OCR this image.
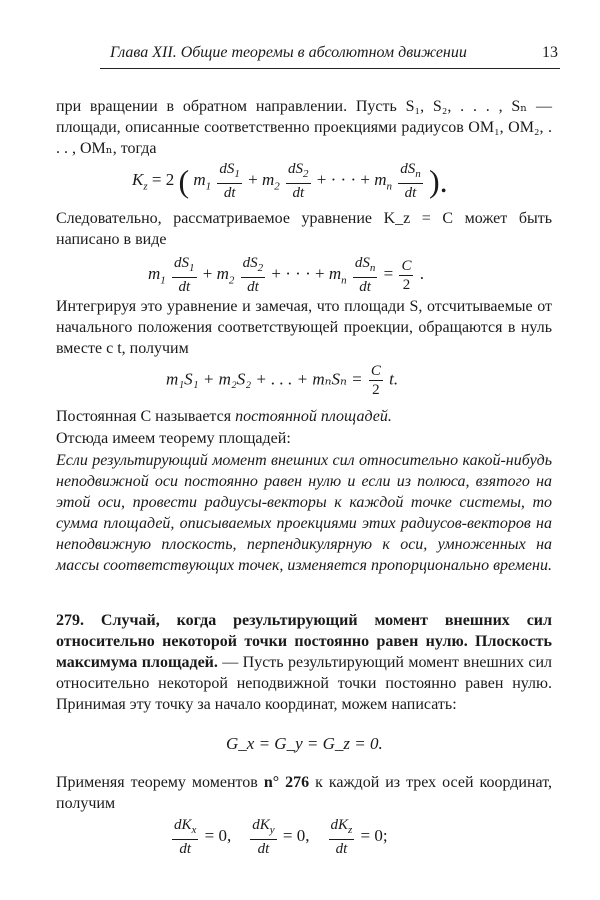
Глава XII. Общие теоремы в абсолютном движении	13

при вращении в обратном направлении. Пусть S₁, S₂, . . . , Sₙ — площади, описанные соответственно проекциями радиусов OM₁, OM₂, . . . , OMₙ, тогда

$K_z = 2$ ( $m_1 \frac{dS_1}{dt} + m_2 \frac{dS_2}{dt}$ + · · · + $m_n \frac{dS_n}{dt}$ ).

Следовательно, рассматриваемое уравнение K_z = C может быть написано в виде

$m_1 \frac{dS_1}{dt} + m_2 \frac{dS_2}{dt}$ + · · · + $m_n \frac{dS_n}{dt} = \frac{C}{2}$ .

Интегрируя это уравнение и замечая, что площади S, отсчитываемые от начального положения соответствующей проекции, обращаются в нуль вместе с t, получим

m₁S₁ + m₂S₂ + . . . + $m_nS_n = \frac{C}{2} t$.

Постоянная C называется постоянной площадей.

Отсюда имеем теорему площадей:

Если результирующий момент внешних сил относительно какой-нибудь неподвижной оси постоянно равен нулю и если из полюса, взятого на этой оси, провести радиусы-векторы к каждой точке системы, то сумма площадей, описываемых проекциями этих радиусов-векторов на неподвижную плоскость, перпендикулярную к оси, умноженных на массы соответствующих точек, изменяется пропорционально времени.

279. Случай, когда результирующий момент внешних сил относительно некоторой точки постоянно равен нулю. Плоскость максимума площадей. — Пусть результирующий момент внешних сил относительно некоторой неподвижной точки постоянно равен нулю. Принимая эту точку за начало координат, можем написать:

G_x = G_y = G_z = 0.

Применяя теорему моментов n° 276 к каждой из трех осей координат, получим

$\frac{dK_x}{dt} = 0$, $\frac{dK_y}{dt} = 0$, $\frac{dK_z}{dt} = 0$;
